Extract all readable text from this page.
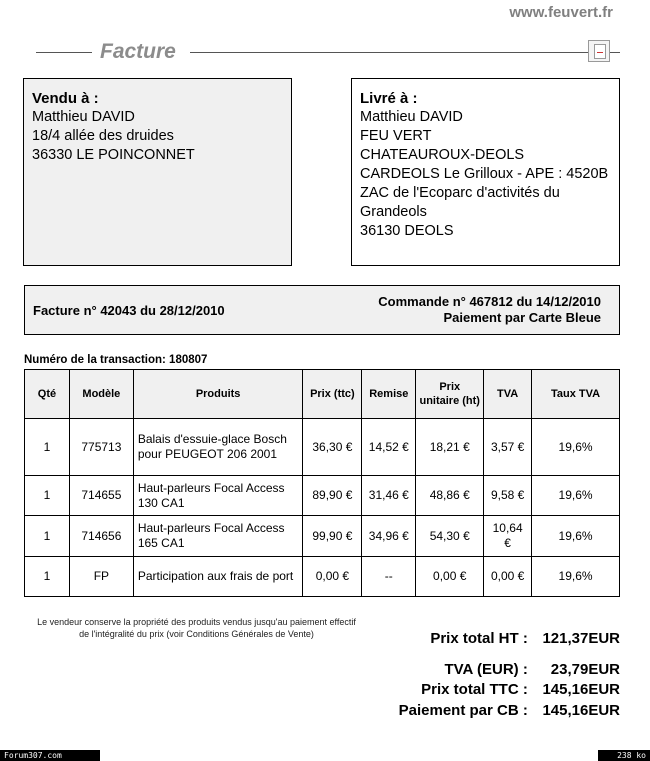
www.feuvert.fr
Facture
Vendu à :
Matthieu DAVID
18/4 allée des druides
36330 LE POINCONNET
Livré à :
Matthieu DAVID
FEU VERT
CHATEAUROUX-DEOLS
CARDEOLS Le Grilloux - APE : 4520B
ZAC de l'Ecoparc d'activités du Grandeols
36130 DEOLS
Facture n° 42043 du 28/12/2010
Commande n° 467812 du 14/12/2010
Paiement par Carte Bleue
Numéro de la transaction: 180807
Qté	Modèle	Produits	Prix (ttc)	Remise	Prix unitaire (ht)	TVA	Taux TVA
1	775713	Balais d'essuie-glace Bosch pour PEUGEOT 206 2001	36,30 €	14,52 €	18,21 €	3,57 €	19,6%
1	714655	Haut-parleurs Focal Access 130 CA1	89,90 €	31,46 €	48,86 €	9,58 €	19,6%
1	714656	Haut-parleurs Focal Access 165 CA1	99,90 €	34,96 €	54,30 €	10,64 €	19,6%
1	FP	Participation aux frais de port	0,00 €	--	0,00 €	0,00 €	19,6%
Le vendeur conserve la propriété des produits vendus jusqu'au paiement effectif de l'intégralité du prix (voir Conditions Générales de Vente)	Prix total HT : 121,37EUR
TVA (EUR) : 23,79EUR
Prix total TTC : 145,16EUR
Paiement par CB : 145,16EUR
Forum307.com	238 ko
